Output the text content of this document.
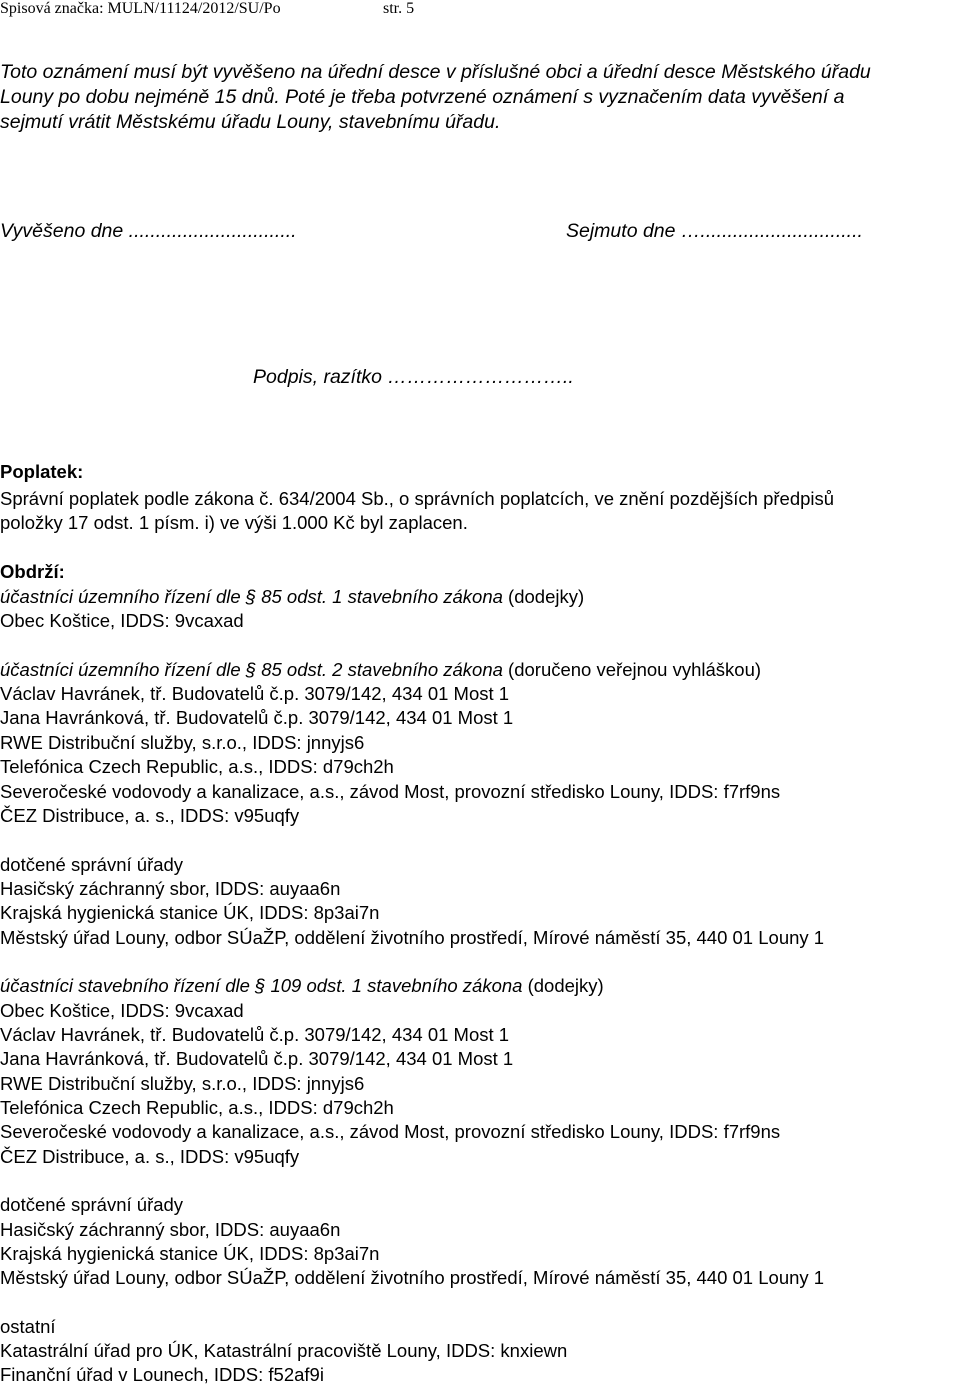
Spisová značka: MULN/11124/2012/SU/Po	str. 5
Toto oznámení musí být vyvěšeno na úřední desce v příslušné obci a úřední desce Městského úřadu
Louny po dobu nejméně 15 dnů. Poté je třeba potvrzené oznámení s vyznačením data vyvěšení a
sejmutí vrátit Městskému úřadu Louny, stavebnímu úřadu.
Vyvěšeno dne ...............................	Sejmuto dne …..............................
Podpis, razítko ………………………..
Poplatek:
Správní poplatek podle zákona č. 634/2004 Sb., o správních poplatcích, ve znění pozdějších předpisů
položky 17 odst. 1 písm. i) ve výši 1.000 Kč byl zaplacen.
Obdrží:
účastníci územního řízení dle § 85 odst. 1 stavebního zákona (dodejky)
Obec Koštice, IDDS: 9vcaxad
účastníci územního řízení dle § 85 odst. 2 stavebního zákona (doručeno veřejnou vyhláškou)
Václav Havránek, tř. Budovatelů č.p. 3079/142, 434 01 Most 1
Jana Havránková, tř. Budovatelů č.p. 3079/142, 434 01 Most 1
RWE Distribuční služby, s.r.o., IDDS: jnnyjs6
Telefónica Czech Republic, a.s., IDDS: d79ch2h
Severočeské vodovody a kanalizace, a.s., závod Most, provozní středisko Louny, IDDS: f7rf9ns
ČEZ Distribuce, a. s., IDDS: v95uqfy
dotčené správní úřady
Hasičský záchranný sbor, IDDS: auyaa6n
Krajská hygienická stanice ÚK, IDDS: 8p3ai7n
Městský úřad Louny, odbor SÚaŽP, oddělení životního prostředí, Mírové náměstí 35, 440 01 Louny 1
účastníci stavebního řízení dle § 109 odst. 1 stavebního zákona (dodejky)
Obec Koštice, IDDS: 9vcaxad
Václav Havránek, tř. Budovatelů č.p. 3079/142, 434 01 Most 1
Jana Havránková, tř. Budovatelů č.p. 3079/142, 434 01 Most 1
RWE Distribuční služby, s.r.o., IDDS: jnnyjs6
Telefónica Czech Republic, a.s., IDDS: d79ch2h
Severočeské vodovody a kanalizace, a.s., závod Most, provozní středisko Louny, IDDS: f7rf9ns
ČEZ Distribuce, a. s., IDDS: v95uqfy
dotčené správní úřady
Hasičský záchranný sbor, IDDS: auyaa6n
Krajská hygienická stanice ÚK, IDDS: 8p3ai7n
Městský úřad Louny, odbor SÚaŽP, oddělení životního prostředí, Mírové náměstí 35, 440 01 Louny 1
ostatní
Katastrální úřad pro ÚK, Katastrální pracoviště Louny, IDDS: knxiewn
Finanční úřad v Lounech, IDDS: f52af9i
